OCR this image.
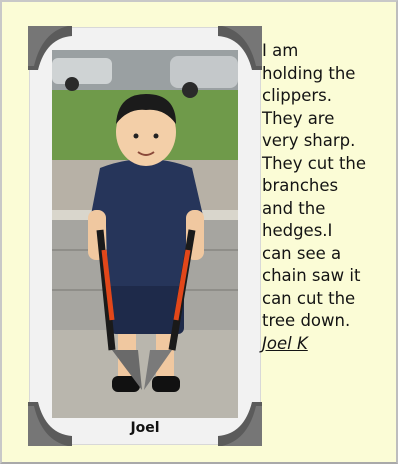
Joel

I am
holding the
clippers.
They are
very sharp.
They cut the
branches
and the
hedges.I
can see a
chain saw it
can cut the
tree down.
Joel K
